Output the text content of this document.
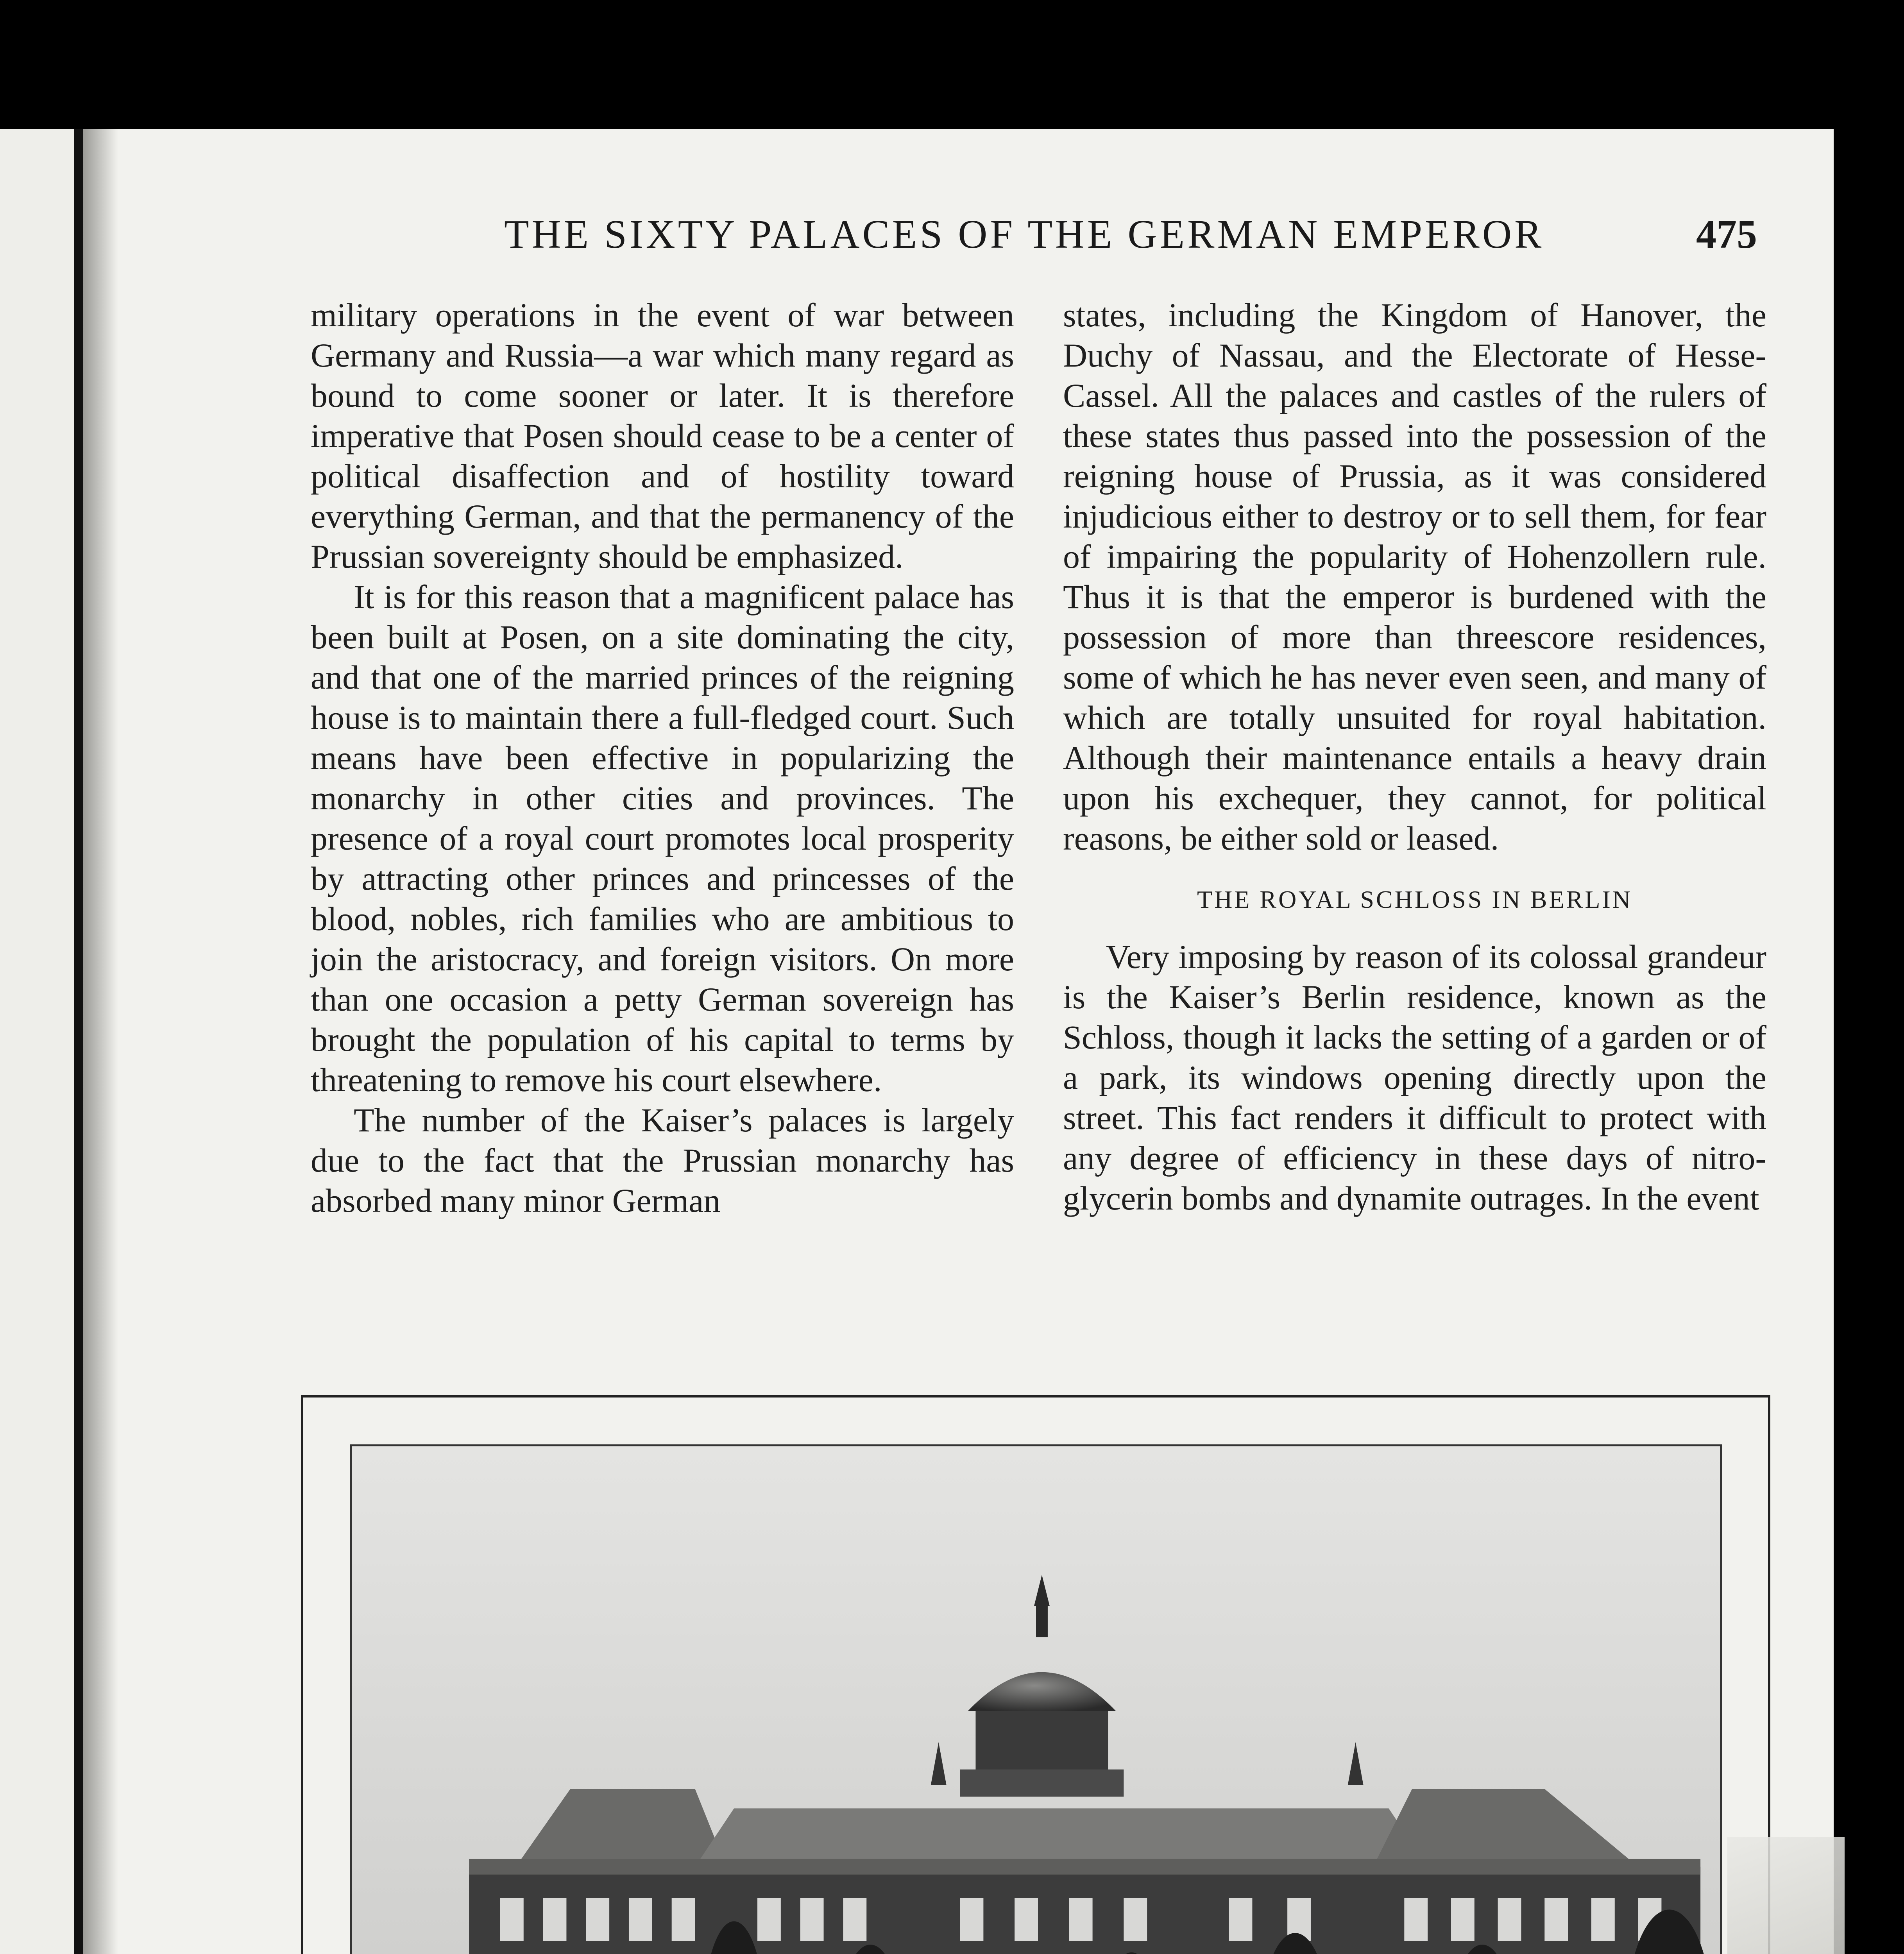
THE SIXTY PALACES OF THE GERMAN EMPEROR	475

military operations in the event of war between Germany and Russia—a war which many regard as bound to come sooner or later. It is therefore imperative that Posen should cease to be a center of political disaffection and of hostility toward everything German, and that the permanency of the Prussian sovereignty should be emphasized.

It is for this reason that a magnificent palace has been built at Posen, on a site dominating the city, and that one of the married princes of the reigning house is to maintain there a full-fledged court. Such means have been effective in popularizing the monarchy in other cities and provinces. The presence of a royal court promotes local prosperity by attracting other princes and princesses of the blood, nobles, rich families who are ambitious to join the aristocracy, and foreign visitors. On more than one occasion a petty German sovereign has brought the population of his capital to terms by threatening to remove his court elsewhere.

The number of the Kaiser’s palaces is largely due to the fact that the Prussian monarchy has absorbed many minor German

states, including the Kingdom of Hanover, the Duchy of Nassau, and the Electorate of Hesse-Cassel. All the palaces and castles of the rulers of these states thus passed into the possession of the reigning house of Prussia, as it was considered injudicious either to destroy or to sell them, for fear of impairing the popularity of Hohenzollern rule. Thus it is that the emperor is burdened with the possession of more than threescore residences, some of which he has never even seen, and many of which are totally unsuited for royal habitation. Although their maintenance entails a heavy drain upon his exchequer, they cannot, for political reasons, be either sold or leased.

THE ROYAL SCHLOSS IN BERLIN

Very imposing by reason of its colossal grandeur is the Kaiser’s Berlin residence, known as the Schloss, though it lacks the setting of a garden or of a park, its windows opening directly upon the street. This fact renders it difficult to protect with any degree of efficiency in these days of nitro-glycerin bombs and dynamite outrages. In the event
